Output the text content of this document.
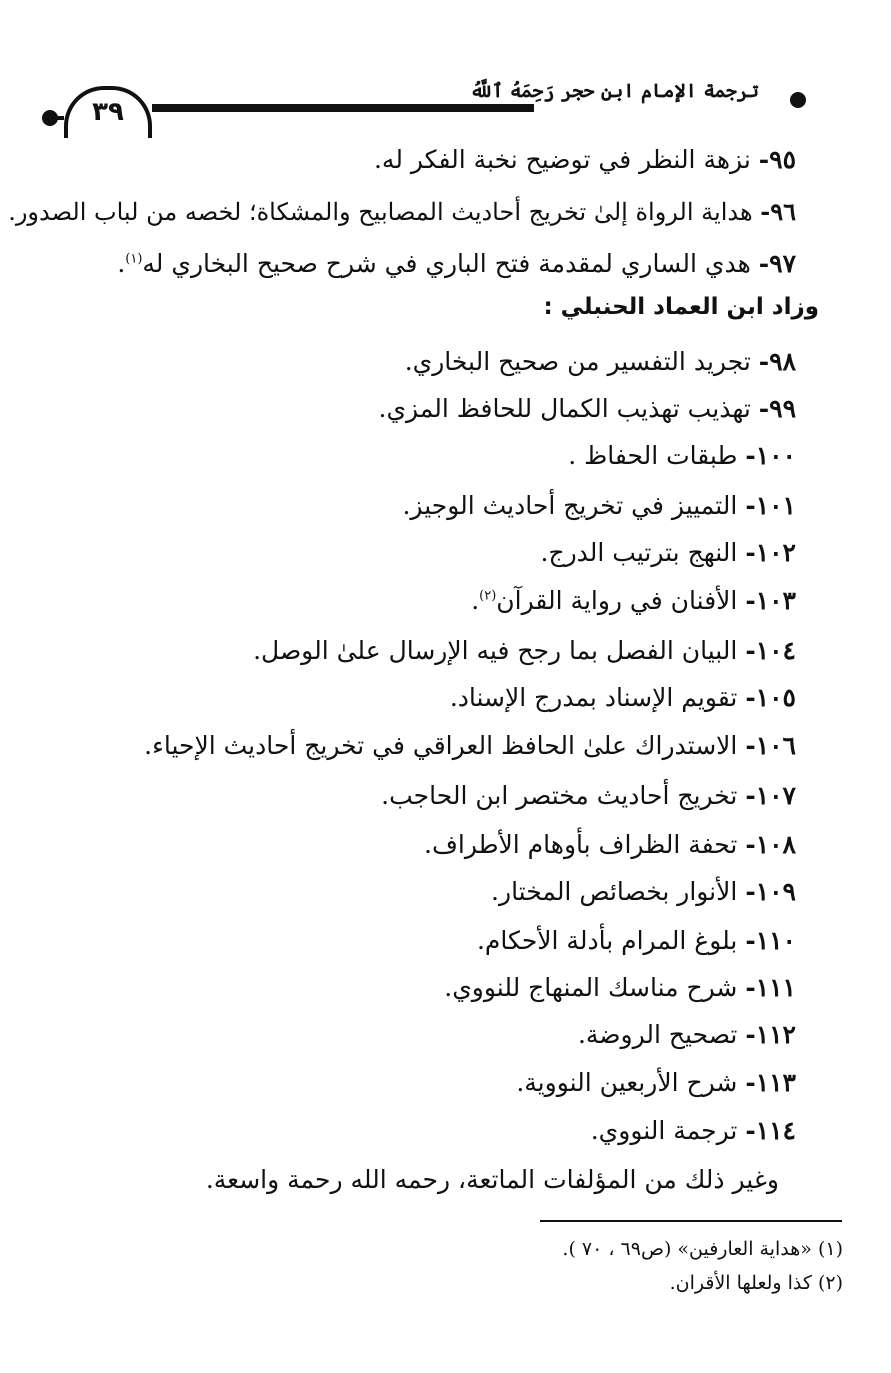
٣٩
ترجمة الإمام ابن حجر رَحِمَهُ ٱللَّهُ
٩٥- نزهة النظر في توضيح نخبة الفكر له.
٩٦- هداية الرواة إلىٰ تخريج أحاديث المصابيح والمشكاة؛ لخصه من لباب الصدور.
٩٧- هدي الساري لمقدمة فتح الباري في شرح صحيح البخاري له$^{(١)}$.
وزاد ابن العماد الحنبلي :
٩٨- تجريد التفسير من صحيح البخاري.
٩٩- تهذيب تهذيب الكمال للحافظ المزي.
١٠٠- طبقات الحفاظ .
١٠١- التمييز في تخريج أحاديث الوجيز.
١٠٢- النهج بترتيب الدرج.
١٠٣- الأفنان في رواية القرآن$^{(٢)}$.
١٠٤- البيان الفصل بما رجح فيه الإرسال علىٰ الوصل.
١٠٥- تقويم الإسناد بمدرج الإسناد.
١٠٦- الاستدراك علىٰ الحافظ العراقي في تخريج أحاديث الإحياء.
١٠٧- تخريج أحاديث مختصر ابن الحاجب.
١٠٨- تحفة الظراف بأوهام الأطراف.
١٠٩- الأنوار بخصائص المختار.
١١٠- بلوغ المرام بأدلة الأحكام.
١١١- شرح مناسك المنهاج للنووي.
١١٢- تصحيح الروضة.
١١٣- شرح الأربعين النووية.
١١٤- ترجمة النووي.
وغير ذلك من المؤلفات الماتعة، رحمه الله رحمة واسعة.
(١) «هداية العارفين» (ص٦٩ ، ٧٠ ).
(٢) كذا ولعلها الأقران.
